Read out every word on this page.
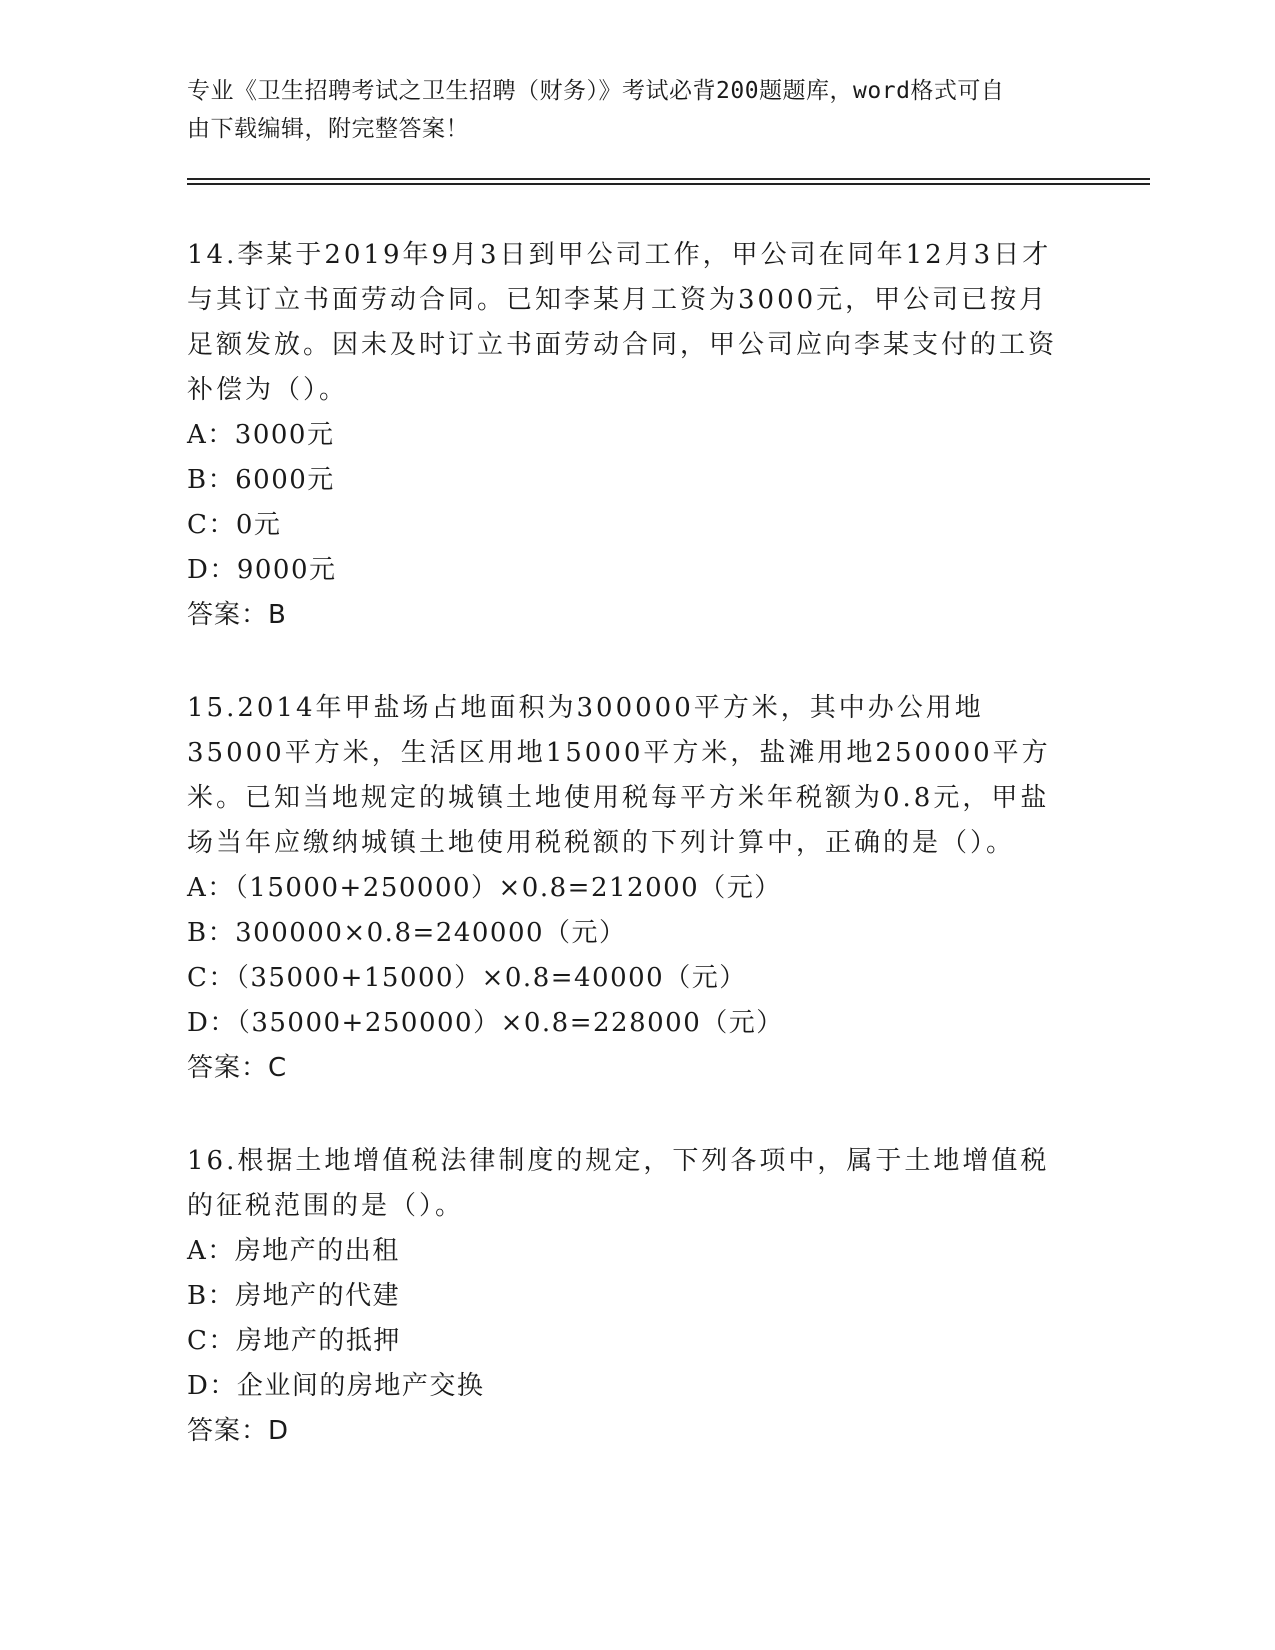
专业《卫生招聘考试之卫生招聘（财务）》考试必背200题题库，word格式可自
由下载编辑，附完整答案！

14.李某于2019年9月3日到甲公司工作，甲公司在同年12月3日才与其订立书面劳动合同。已知李某月工资为3000元，甲公司已按月足额发放。因未及时订立书面劳动合同，甲公司应向李某支付的工资补偿为（）。

A：3000元

B：6000元

C：0元

D：9000元

答案：B

15.2014年甲盐场占地面积为300000平方米，其中办公用地35000平方米，生活区用地15000平方米，盐滩用地250000平方米。已知当地规定的城镇土地使用税每平方米年税额为0.8元，甲盐场当年应缴纳城镇土地使用税税额的下列计算中，正确的是（）。

A：（15000+250000）×0.8=212000（元）

B：300000×0.8=240000（元）

C：（35000+15000）×0.8=40000（元）

D：（35000+250000）×0.8=228000（元）

答案：C

16.根据土地增值税法律制度的规定，下列各项中，属于土地增值税的征税范围的是（）。

A：房地产的出租

B：房地产的代建

C：房地产的抵押

D：企业间的房地产交换

答案：D
